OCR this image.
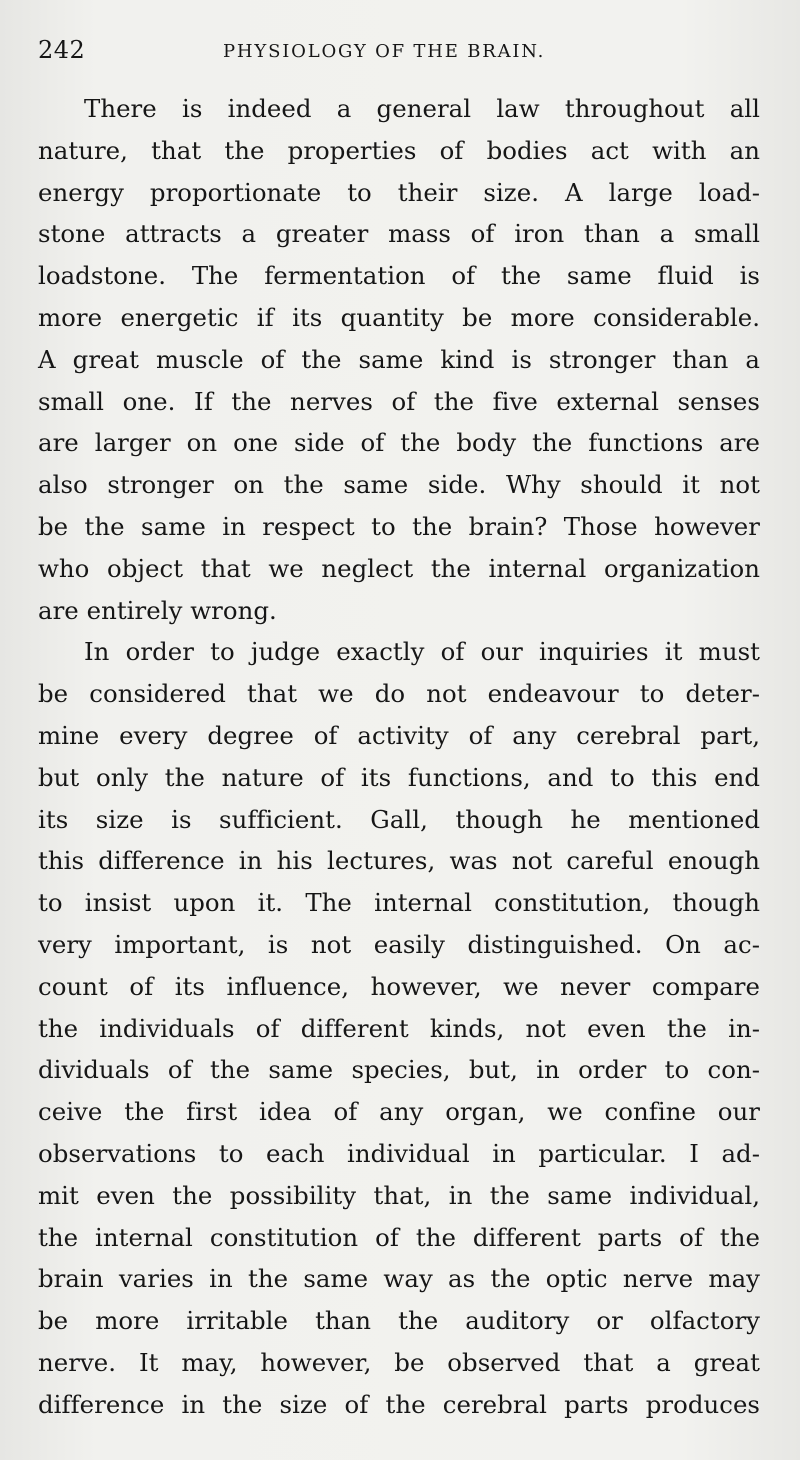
242	PHYSIOLOGY OF THE BRAIN.
There is indeed a general law throughout all
nature, that the properties of bodies act with an
energy proportionate to their size. A large load-
stone attracts a greater mass of iron than a small
loadstone. The fermentation of the same fluid is
more energetic if its quantity be more considerable.
A great muscle of the same kind is stronger than a
small one. If the nerves of the five external senses
are larger on one side of the body the functions are
also stronger on the same side. Why should it not
be the same in respect to the brain? Those however
who object that we neglect the internal organization
are entirely wrong.
In order to judge exactly of our inquiries it must
be considered that we do not endeavour to deter-
mine every degree of activity of any cerebral part,
but only the nature of its functions, and to this end
its size is sufficient. Gall, though he mentioned
this difference in his lectures, was not careful enough
to insist upon it. The internal constitution, though
very important, is not easily distinguished. On ac-
count of its influence, however, we never compare
the individuals of different kinds, not even the in-
dividuals of the same species, but, in order to con-
ceive the first idea of any organ, we confine our
observations to each individual in particular. I ad-
mit even the possibility that, in the same individual,
the internal constitution of the different parts of the
brain varies in the same way as the optic nerve may
be more irritable than the auditory or olfactory
nerve. It may, however, be observed that a great
difference in the size of the cerebral parts produces
